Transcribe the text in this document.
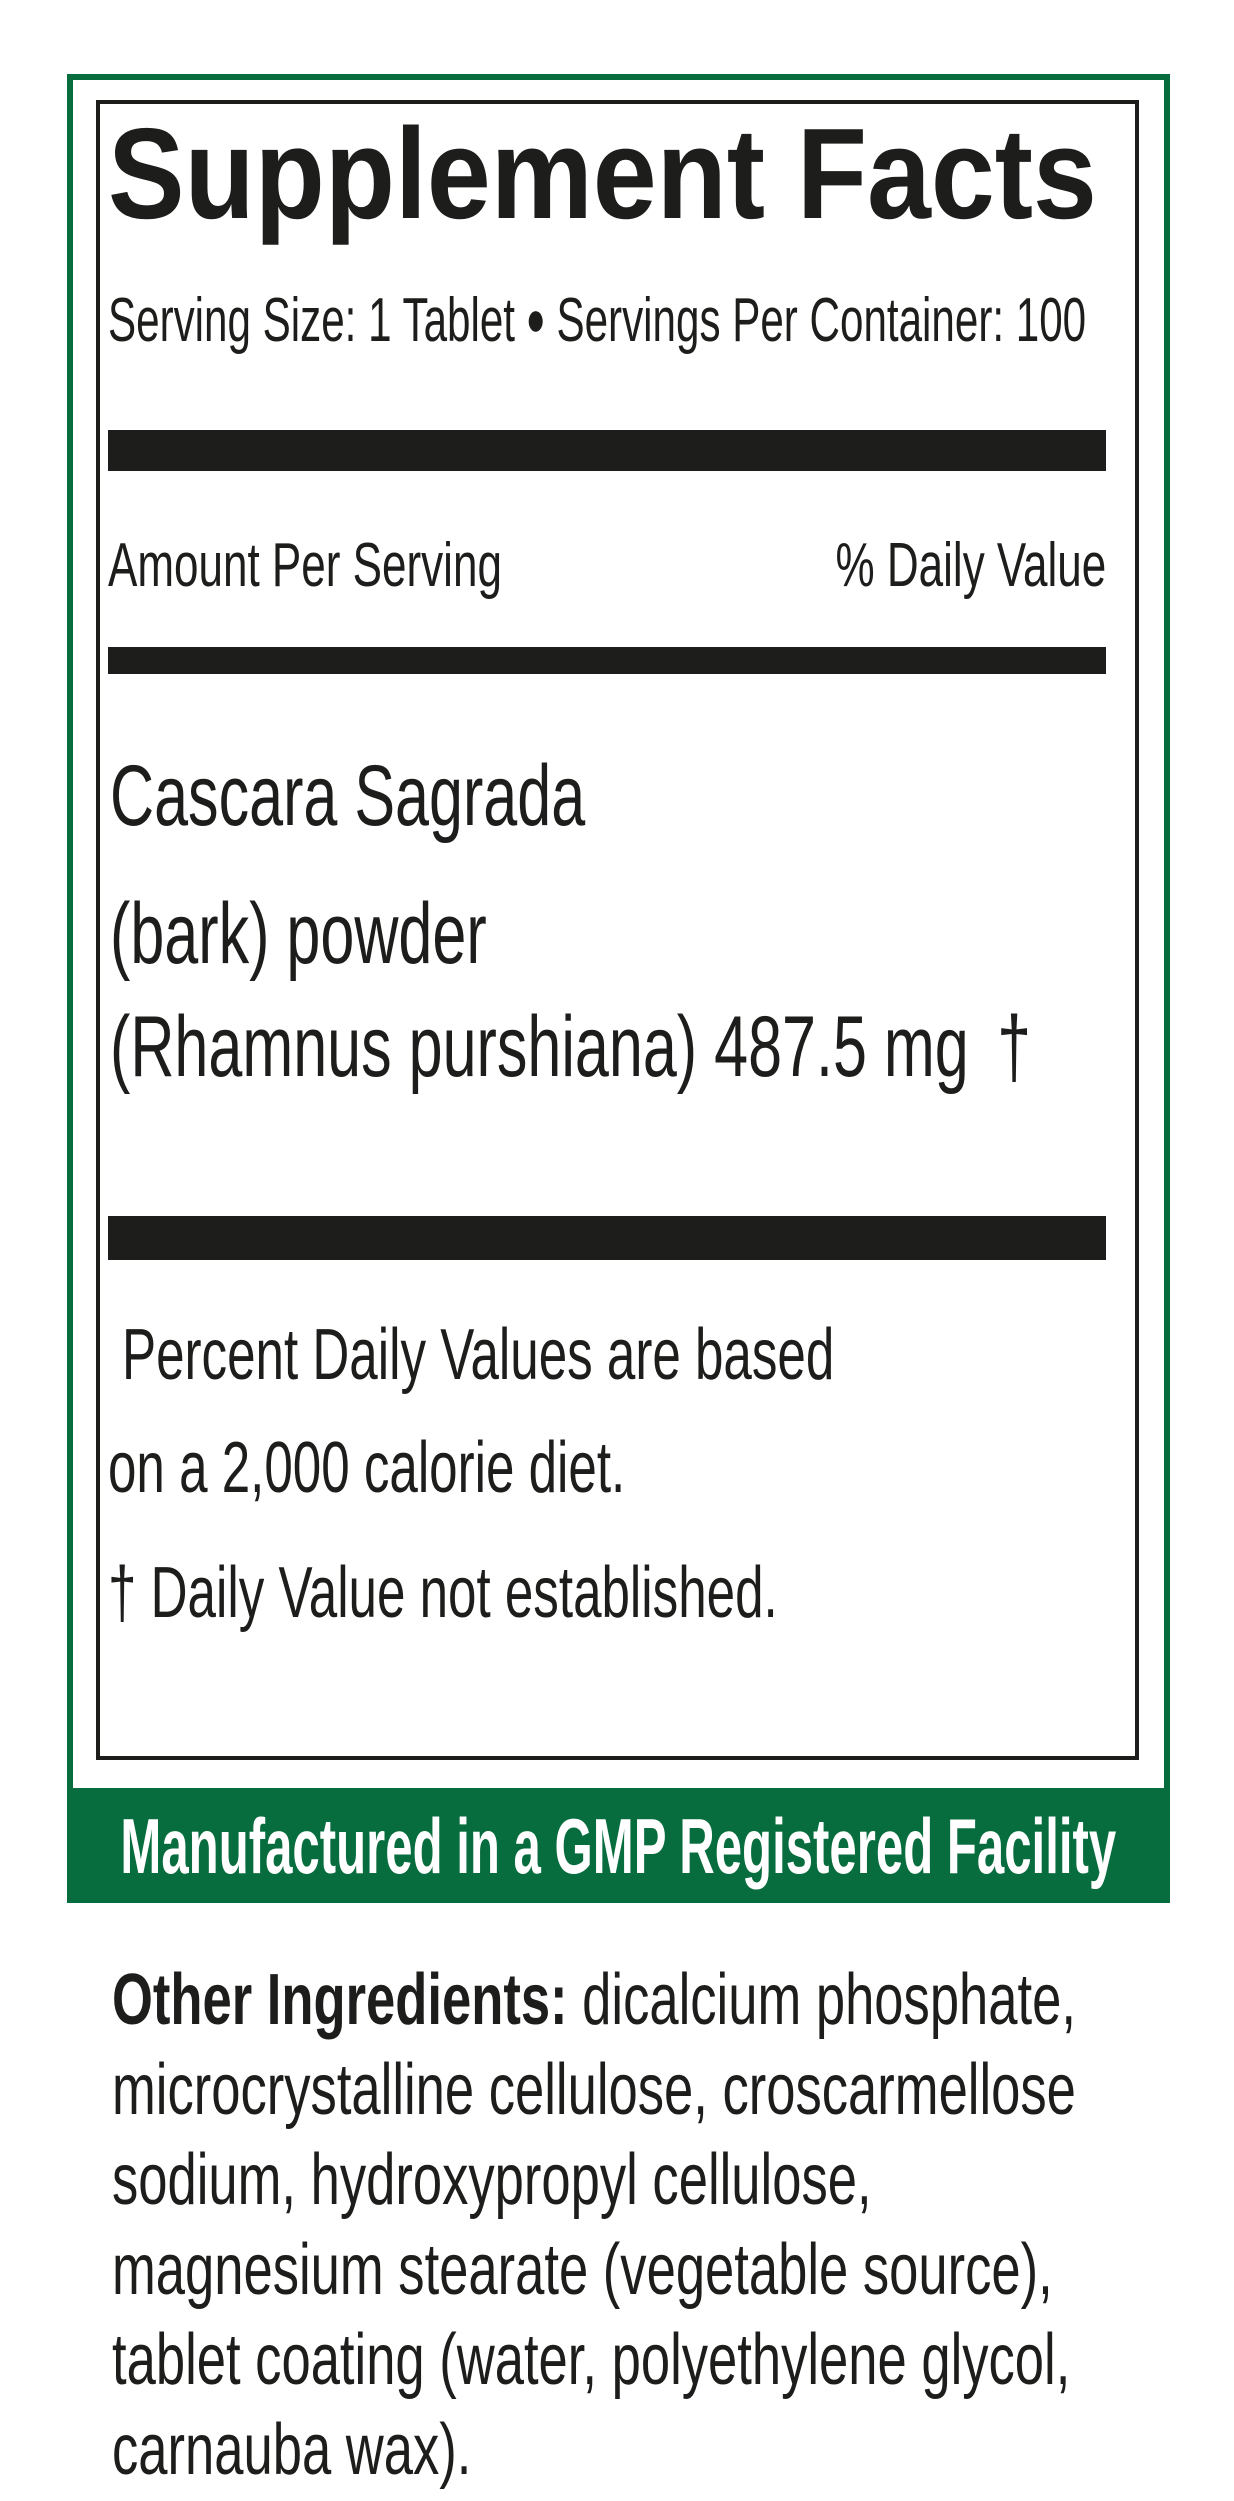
Supplement Facts
Serving Size: 1 Tablet ● Servings Per Container: 100
Amount Per Serving	% Daily Value
Cascara Sagrada
(bark) powder
(Rhamnus purshiana) 487.5 mg †
Percent Daily Values are based
on a 2,000 calorie diet.
† Daily Value not established.
Manufactured in a GMP Registered Facility
Other Ingredients: dicalcium phosphate,
microcrystalline cellulose, croscarmellose
sodium, hydroxypropyl cellulose,
magnesium stearate (vegetable source),
tablet coating (water, polyethylene glycol,
carnauba wax).
